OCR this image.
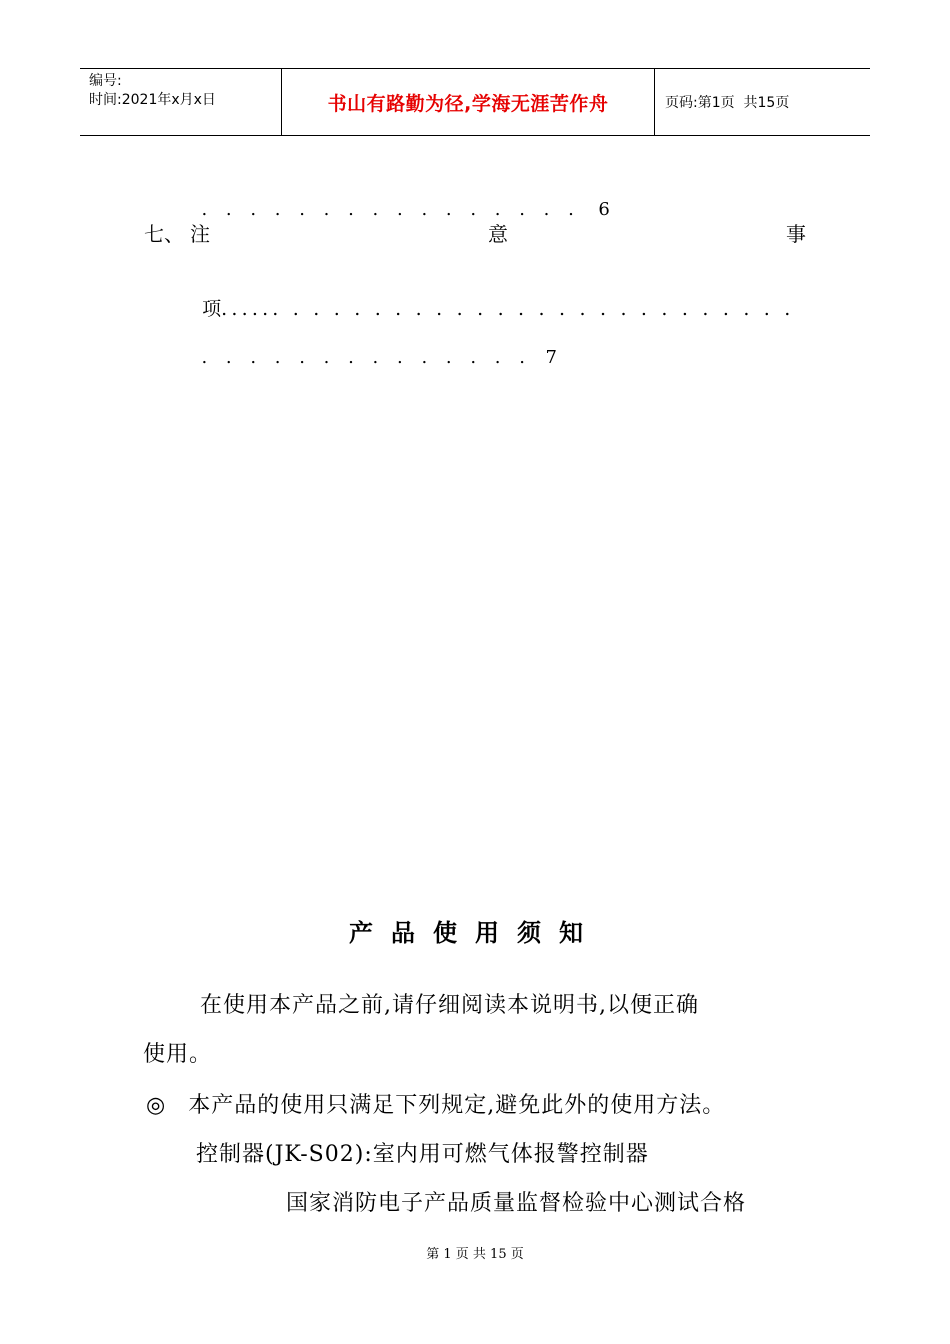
编号:
时间:2021年x月x日	书山有路勤为径,学海无涯苦作舟	页码:第1页  共15页

. . . . . . . . . . . . . . . . 6

七、 注	意	事

项...... . . . . . . . . . . . . . . . . . . . . . . . . .

. . . . . . . . . . . . . . 7

产品使用须知
在使用本产品之前,请仔细阅读本说明书,以便正确
使用。
◎ 本产品的使用只满足下列规定,避免此外的使用方法。
控制器(JK-S02):室内用可燃气体报警控制器
国家消防电子产品质量监督检验中心测试合格
第 1 页 共 15 页
